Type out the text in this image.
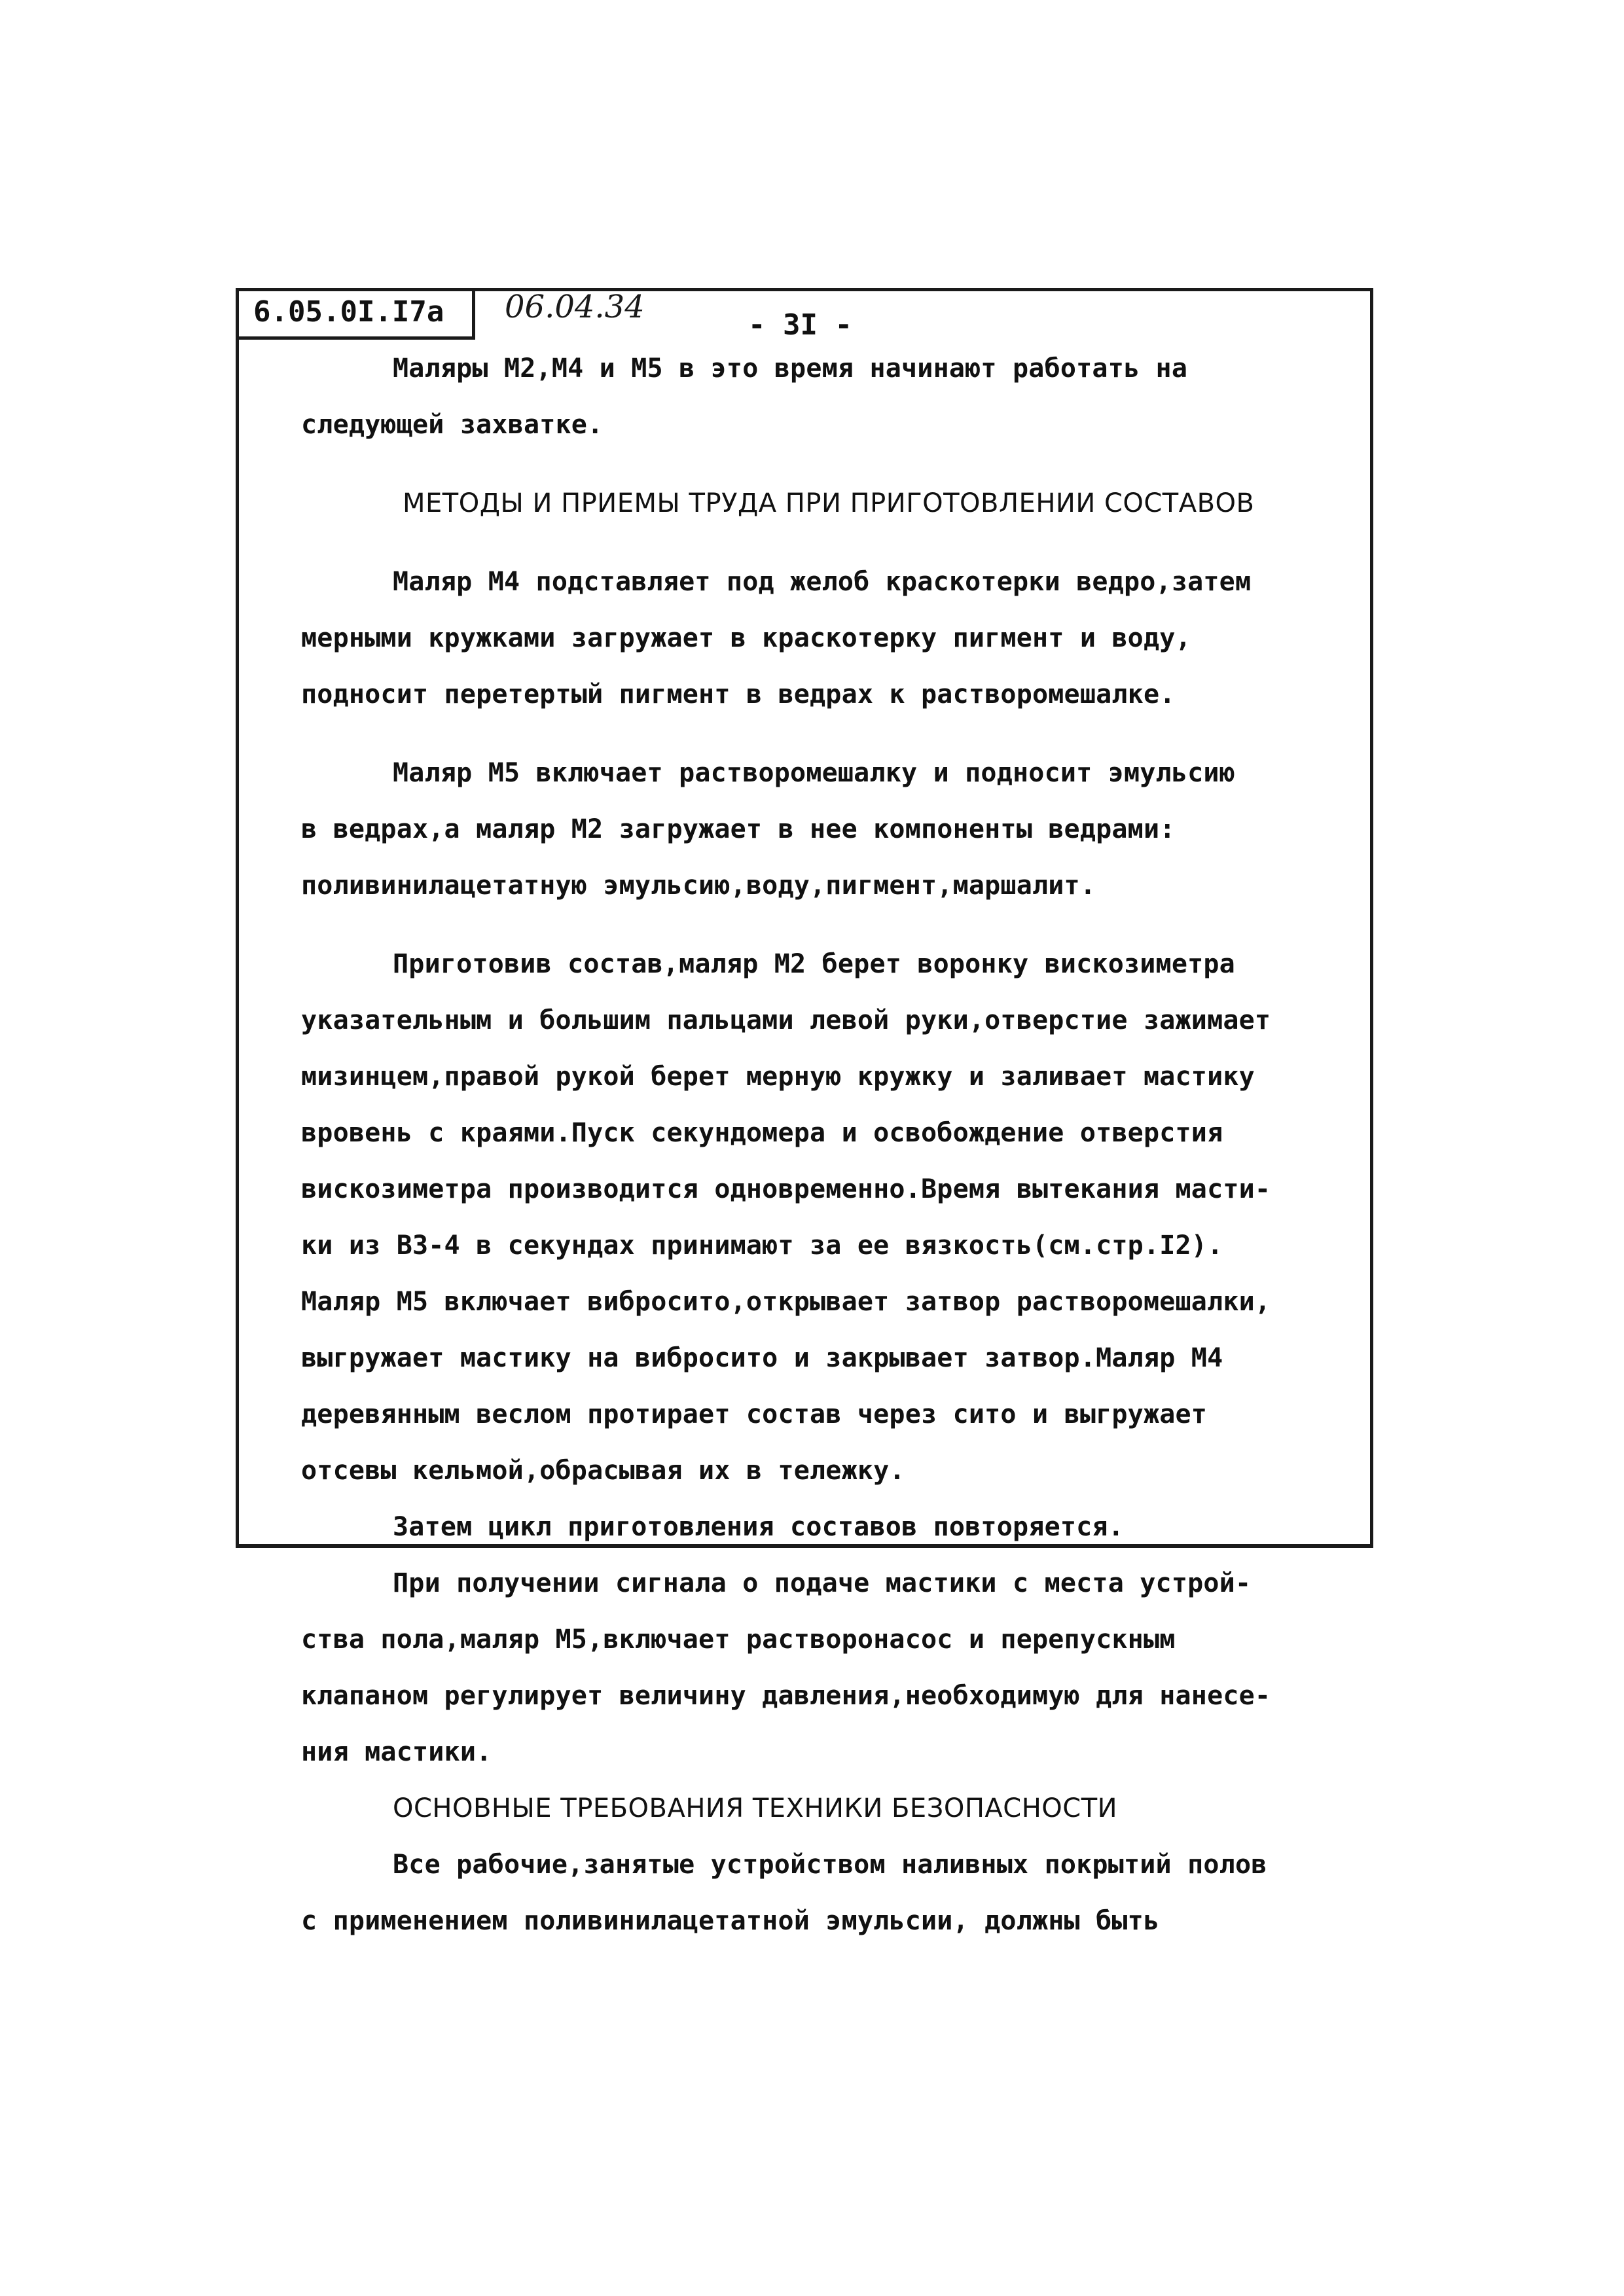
6.05.0I.I7a	06.04.34	- 3I -
Маляры М2,М4 и М5 в это время начинают работать на
следующей захватке.
МЕТОДЫ И ПРИЕМЫ ТРУДА ПРИ ПРИГОТОВЛЕНИИ СОСТАВОВ
Маляр М4 подставляет под желоб краскотерки ведро,затем
мерными кружками загружает в краскотерку пигмент и воду,
подносит перетертый пигмент в ведрах к растворомешалке.
Маляр М5 включает растворомешалку и подносит эмульсию
в ведрах,а маляр М2 загружает в нее компоненты ведрами:
поливинилацетатную эмульсию,воду,пигмент,маршалит.
Приготовив состав,маляр М2 берет воронку вискозиметра
указательным и большим пальцами левой руки,отверстие зажимает
мизинцем,правой рукой берет мерную кружку и заливает мастику
вровень с краями.Пуск секундомера и освобождение отверстия
вискозиметра производится одновременно.Время вытекания масти-
ки из ВЗ-4 в секундах принимают за ее вязкость(см.стр.I2).
Маляр М5 включает вибросито,открывает затвор растворомешалки,
выгружает мастику на вибросито и закрывает затвор.Маляр М4
деревянным веслом протирает состав через сито и выгружает
отсевы кельмой,обрасывая их в тележку.
Затем цикл приготовления составов повторяется.
При получении сигнала о подаче мастики с места устрой-
ства пола,маляр М5,включает растворонасос и перепускным
клапаном регулирует величину давления,необходимую для нанесе-
ния мастики.
ОСНОВНЫЕ ТРЕБОВАНИЯ ТЕХНИКИ БЕЗОПАСНОСТИ
Все рабочие,занятые устройством наливных покрытий полов
с применением поливинилацетатной эмульсии, должны быть
